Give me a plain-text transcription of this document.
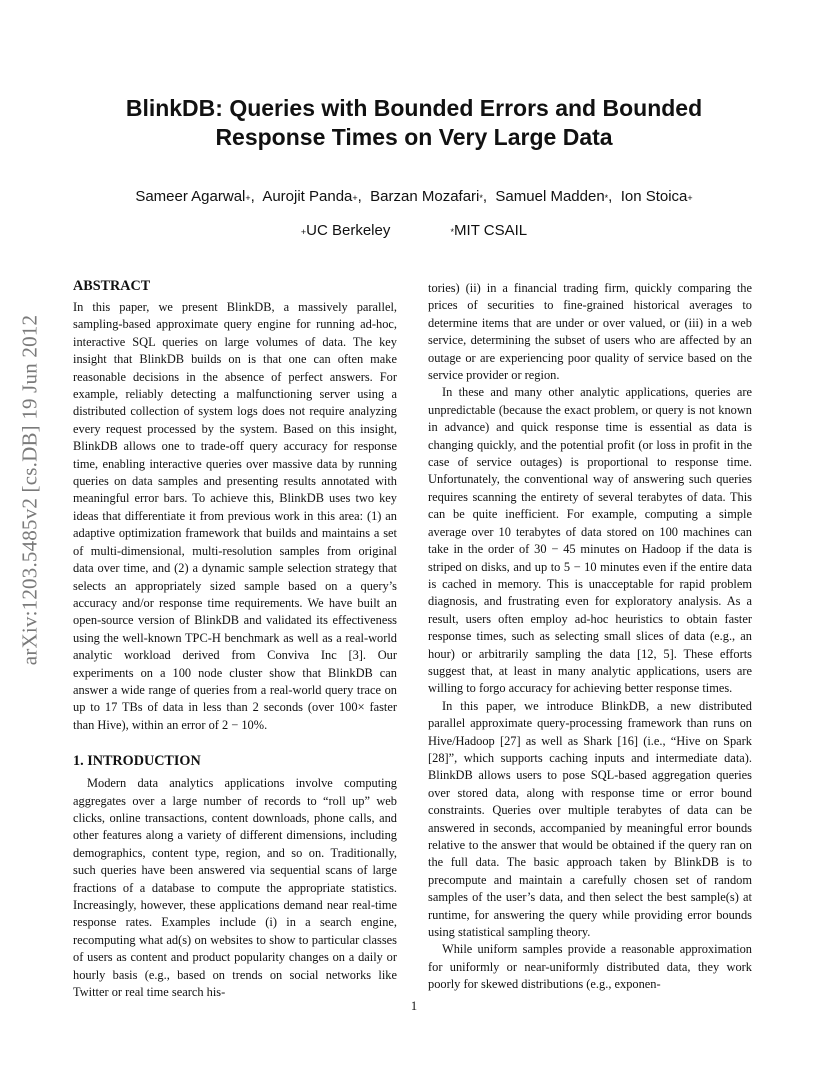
BlinkDB: Queries with Bounded Errors and Bounded
Response Times on Very Large Data
Sameer Agarwal+,  Aurojit Panda+,  Barzan Mozafari*,  Samuel Madden*,  Ion Stoica+
+UC Berkeley	*MIT CSAIL
arXiv:1203.5485v2 [cs.DB] 19 Jun 2012
ABSTRACT

In this paper, we present BlinkDB, a massively parallel, sampling-based approximate query engine for running ad-hoc, interactive SQL queries on large volumes of data. The key insight that BlinkDB builds on is that one can often make reasonable decisions in the absence of perfect answers. For example, reliably detecting a malfunctioning server using a distributed collection of system logs does not require analyzing every request processed by the system. Based on this insight, BlinkDB allows one to trade-off query accuracy for response time, enabling interactive queries over massive data by running queries on data samples and presenting results annotated with meaningful error bars. To achieve this, BlinkDB uses two key ideas that differentiate it from previous work in this area: (1) an adaptive optimization framework that builds and maintains a set of multi-dimensional, multi-resolution samples from original data over time, and (2) a dynamic sample selection strategy that selects an appropriately sized sample based on a query’s accuracy and/or response time requirements. We have built an open-source version of BlinkDB and validated its effectiveness using the well-known TPC-H benchmark as well as a real-world analytic workload derived from Conviva Inc [3]. Our experiments on a 100 node cluster show that BlinkDB can answer a wide range of queries from a real-world query trace on up to 17 TBs of data in less than 2 seconds (over 100× faster than Hive), within an error of 2 − 10%.

1. INTRODUCTION

Modern data analytics applications involve computing aggregates over a large number of records to “roll up” web clicks, online transactions, content downloads, phone calls, and other features along a variety of different dimensions, including demographics, content type, region, and so on. Traditionally, such queries have been answered via sequential scans of large fractions of a database to compute the appropriate statistics. Increasingly, however, these applications demand near real-time response rates. Examples include (i) in a search engine, recomputing what ad(s) on websites to show to particular classes of users as content and product popularity changes on a daily or hourly basis (e.g., based on trends on social networks like Twitter or real time search his-

tories) (ii) in a financial trading firm, quickly comparing the prices of securities to fine-grained historical averages to determine items that are under or over valued, or (iii) in a web service, determining the subset of users who are affected by an outage or are experiencing poor quality of service based on the service provider or region.

In these and many other analytic applications, queries are unpredictable (because the exact problem, or query is not known in advance) and quick response time is essential as data is changing quickly, and the potential profit (or loss in profit in the case of service outages) is proportional to response time. Unfortunately, the conventional way of answering such queries requires scanning the entirety of several terabytes of data. This can be quite inefficient. For example, computing a simple average over 10 terabytes of data stored on 100 machines can take in the order of 30 − 45 minutes on Hadoop if the data is striped on disks, and up to 5 − 10 minutes even if the entire data is cached in memory. This is unacceptable for rapid problem diagnosis, and frustrating even for exploratory analysis. As a result, users often employ ad-hoc heuristics to obtain faster response times, such as selecting small slices of data (e.g., an hour) or arbitrarily sampling the data [12, 5]. These efforts suggest that, at least in many analytic applications, users are willing to forgo accuracy for achieving better response times.

In this paper, we introduce BlinkDB, a new distributed parallel approximate query-processing framework than runs on Hive/Hadoop [27] as well as Shark [16] (i.e., “Hive on Spark [28]”, which supports caching inputs and intermediate data). BlinkDB allows users to pose SQL-based aggregation queries over stored data, along with response time or error bound constraints. Queries over multiple terabytes of data can be answered in seconds, accompanied by meaningful error bounds relative to the answer that would be obtained if the query ran on the full data. The basic approach taken by BlinkDB is to precompute and maintain a carefully chosen set of random samples of the user’s data, and then select the best sample(s) at runtime, for answering the query while providing error bounds using statistical sampling theory.

While uniform samples provide a reasonable approximation for uniformly or near-uniformly distributed data, they work poorly for skewed distributions (e.g., exponen-

1
